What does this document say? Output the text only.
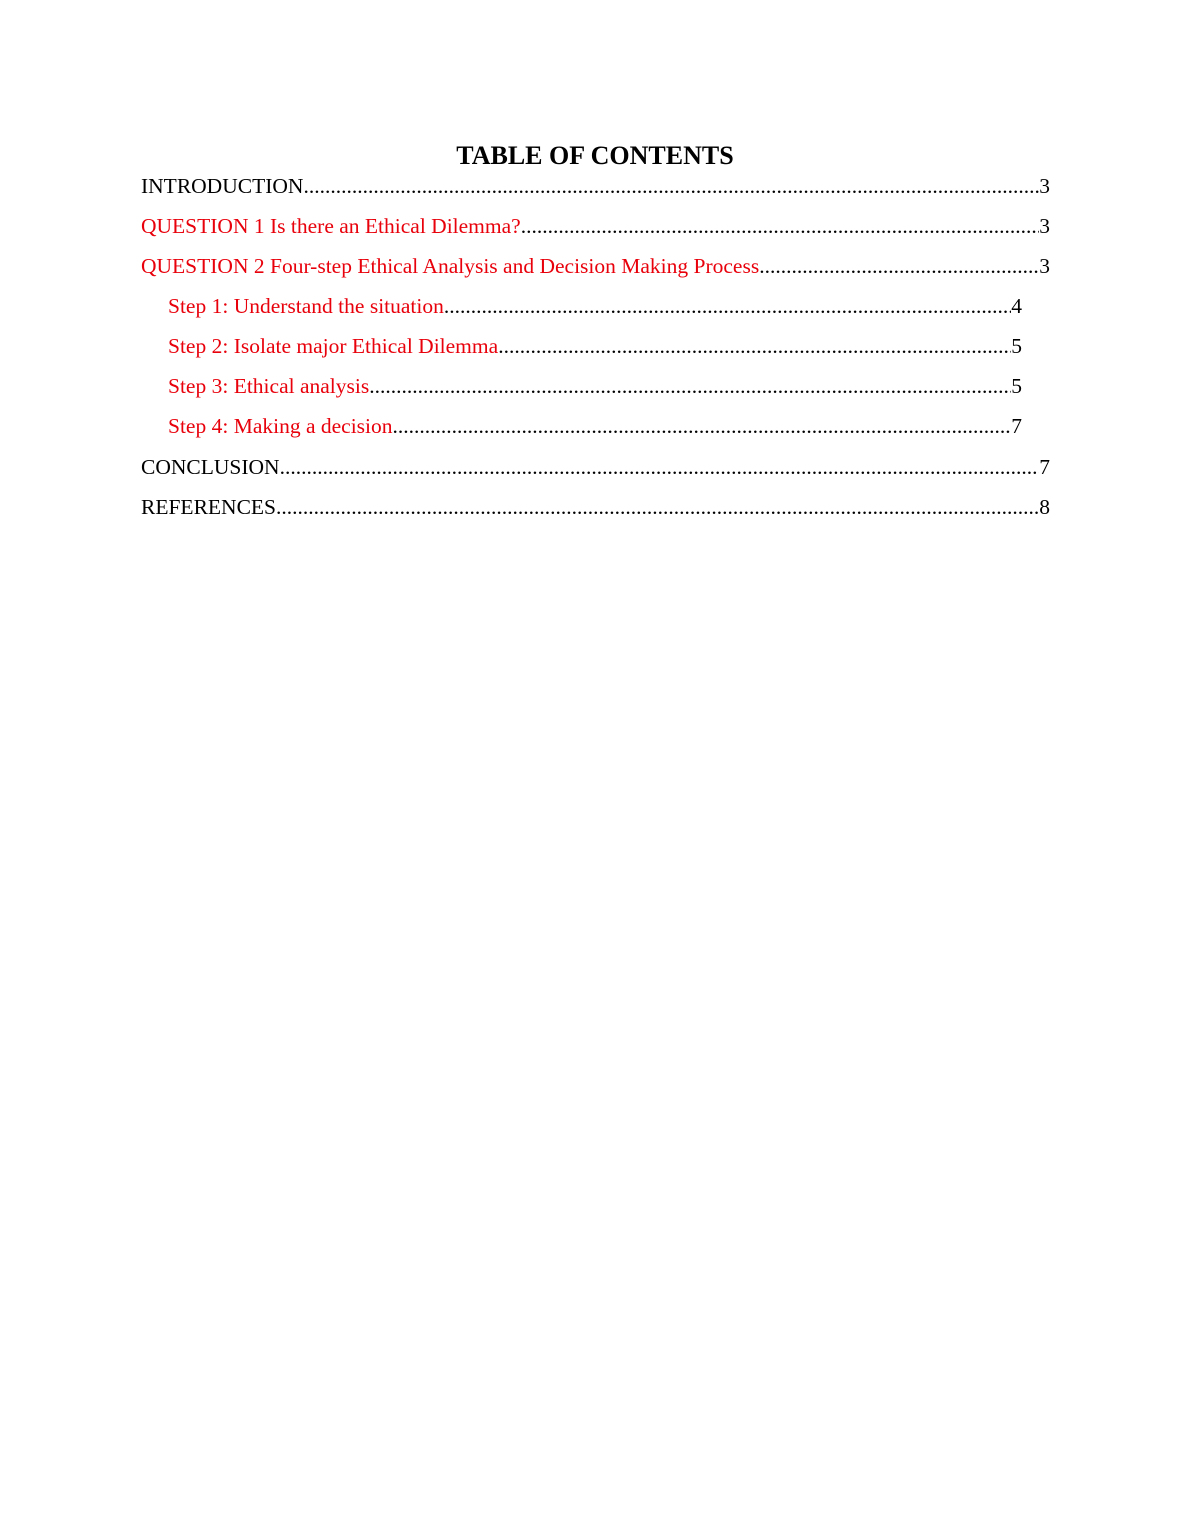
TABLE OF CONTENTS
INTRODUCTION .....	3
QUESTION 1 Is there an Ethical Dilemma? .....	3
QUESTION 2 Four-step Ethical Analysis and Decision Making Process .....	3
Step 1: Understand the situation .....	4
Step 2: Isolate major Ethical Dilemma .....	5
Step 3: Ethical analysis .....	5
Step 4: Making a decision .....	7
CONCLUSION .....	7
REFERENCES .....	8
